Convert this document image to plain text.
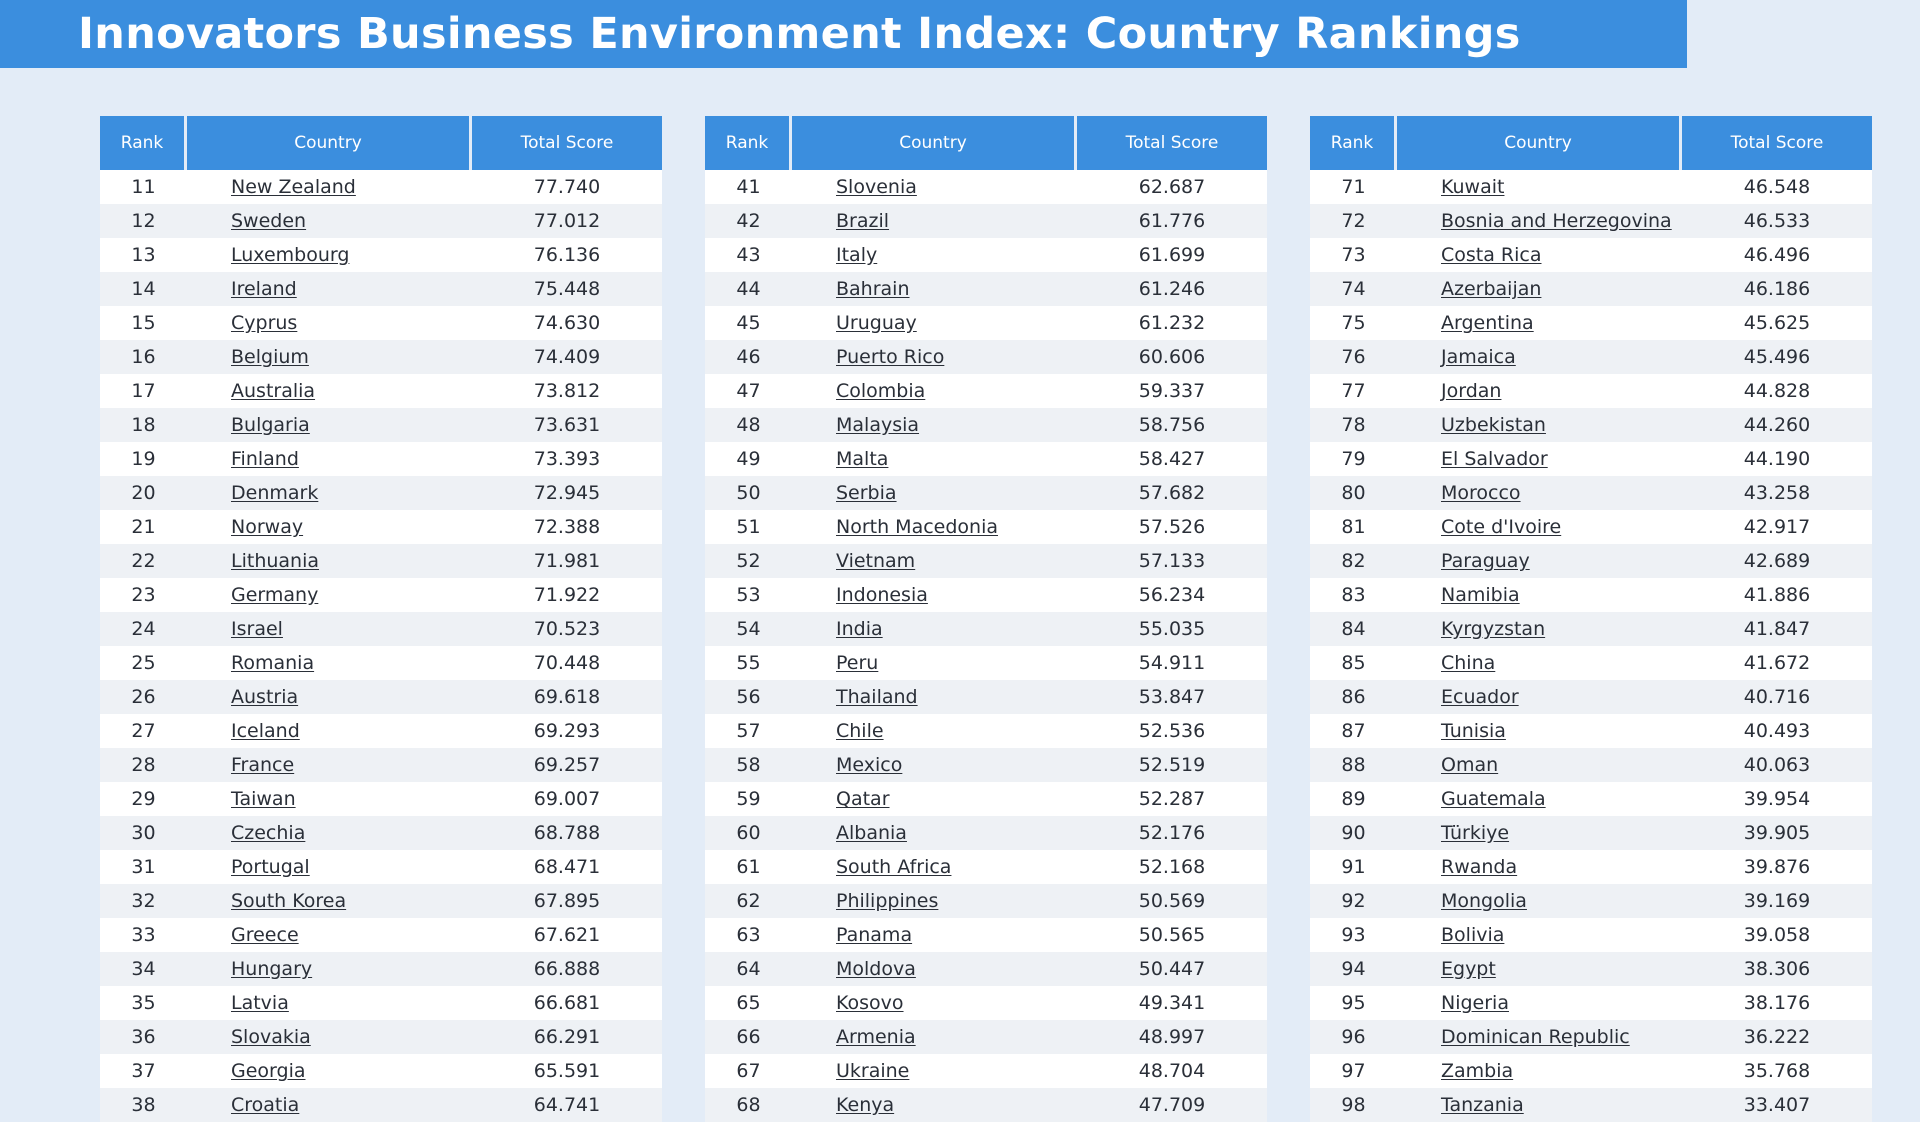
Innovators Business Environment Index: Country Rankings
Rank	Country	Total Score
11	New Zealand	77.740
12	Sweden	77.012
13	Luxembourg	76.136
14	Ireland	75.448
15	Cyprus	74.630
16	Belgium	74.409
17	Australia	73.812
18	Bulgaria	73.631
19	Finland	73.393
20	Denmark	72.945
21	Norway	72.388
22	Lithuania	71.981
23	Germany	71.922
24	Israel	70.523
25	Romania	70.448
26	Austria	69.618
27	Iceland	69.293
28	France	69.257
29	Taiwan	69.007
30	Czechia	68.788
31	Portugal	68.471
32	South Korea	67.895
33	Greece	67.621
34	Hungary	66.888
35	Latvia	66.681
36	Slovakia	66.291
37	Georgia	65.591
38	Croatia	64.741
Rank	Country	Total Score
41	Slovenia	62.687
42	Brazil	61.776
43	Italy	61.699
44	Bahrain	61.246
45	Uruguay	61.232
46	Puerto Rico	60.606
47	Colombia	59.337
48	Malaysia	58.756
49	Malta	58.427
50	Serbia	57.682
51	North Macedonia	57.526
52	Vietnam	57.133
53	Indonesia	56.234
54	India	55.035
55	Peru	54.911
56	Thailand	53.847
57	Chile	52.536
58	Mexico	52.519
59	Qatar	52.287
60	Albania	52.176
61	South Africa	52.168
62	Philippines	50.569
63	Panama	50.565
64	Moldova	50.447
65	Kosovo	49.341
66	Armenia	48.997
67	Ukraine	48.704
68	Kenya	47.709
Rank	Country	Total Score
71	Kuwait	46.548
72	Bosnia and Herzegovina	46.533
73	Costa Rica	46.496
74	Azerbaijan	46.186
75	Argentina	45.625
76	Jamaica	45.496
77	Jordan	44.828
78	Uzbekistan	44.260
79	El Salvador	44.190
80	Morocco	43.258
81	Cote d'Ivoire	42.917
82	Paraguay	42.689
83	Namibia	41.886
84	Kyrgyzstan	41.847
85	China	41.672
86	Ecuador	40.716
87	Tunisia	40.493
88	Oman	40.063
89	Guatemala	39.954
90	Türkiye	39.905
91	Rwanda	39.876
92	Mongolia	39.169
93	Bolivia	39.058
94	Egypt	38.306
95	Nigeria	38.176
96	Dominican Republic	36.222
97	Zambia	35.768
98	Tanzania	33.407
